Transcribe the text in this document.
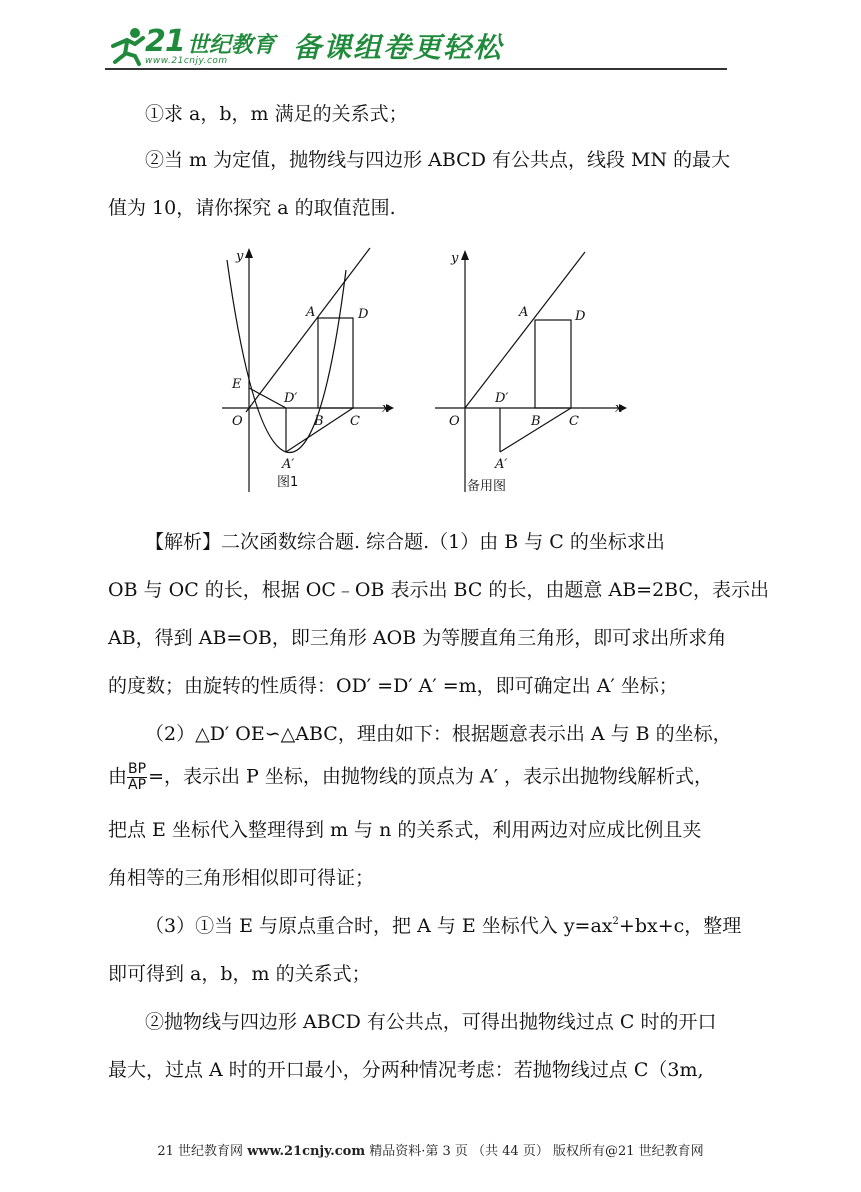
21 世纪教育
www.21cnjy.com 备课组卷更轻松
①求 a，b，m 满足的关系式；
②当 m 为定值，抛物线与四边形 ABCD 有公共点，线段 MN 的最大
值为 10，请你探究 a 的取值范围.
y
x
O
A	D
E
D′
B C
A′
图1
y
x
O
A	D
D′
B C
A′
备用图
【解析】二次函数综合题. 综合题.（1）由 B 与 C 的坐标求出
OB 与 OC 的长，根据 OC﹣OB 表示出 BC 的长，由题意 AB=2BC，表示出
AB，得到 AB=OB，即三角形 AOB 为等腰直角三角形，即可求出所求角
的度数；由旋转的性质得：OD′ =D′ A′ =m，即可确定出 A′ 坐标；
（2）△D′ OE∽△ABC，理由如下：根据题意表示出 A 与 B 的坐标，
由 $\frac{BP}{AP}$ =，表示出 P 坐标，由抛物线的顶点为 A′ ，表示出抛物线解析式，
把点 E 坐标代入整理得到 m 与 n 的关系式，利用两边对应成比例且夹
角相等的三角形相似即可得证；
（3）①当 E 与原点重合时，把 A 与 E 坐标代入 $y=ax^2+bx+c$，整理
即可得到 a，b，m 的关系式；
②抛物线与四边形 ABCD 有公共点，可得出抛物线过点 C 时的开口
最大，过点 A 时的开口最小，分两种情况考虑：若抛物线过点 C（3m,
21 世纪教育网 www.21cnjy.com 精品资料·第 3 页 （共 44 页） 版权所有@21 世纪教育网
